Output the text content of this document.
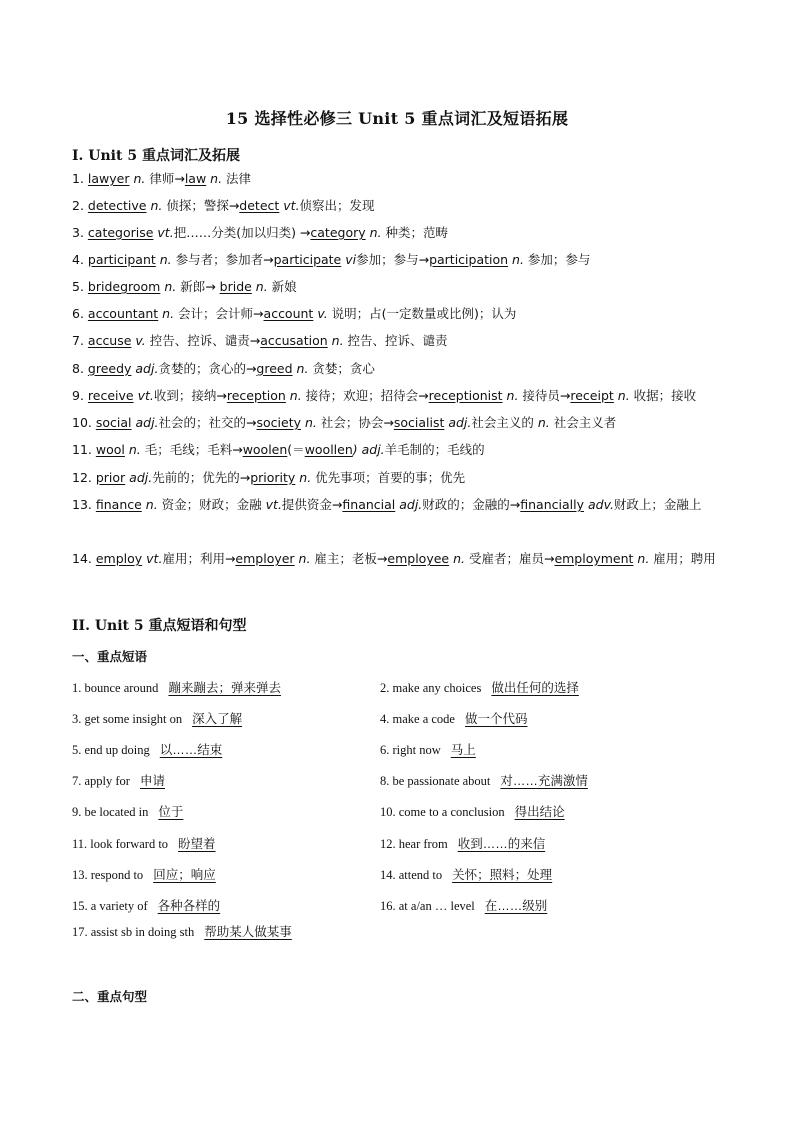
15 选择性必修三 Unit 5 重点词汇及短语拓展
I. Unit 5 重点词汇及拓展
1. lawyer n. 律师→law n. 法律
2. detective n. 侦探；警探→detect vt.侦察出；发现
3. categorise vt.把……分类(加以归类) →category n. 种类；范畴
4. participant n. 参与者；参加者→participate vi参加；参与→participation n. 参加；参与
5. bridegroom n. 新郎→ bride n. 新娘
6. accountant n. 会计；会计师→account v. 说明；占(一定数量或比例)；认为
7. accuse v. 控告、控诉、谴责→accusation n. 控告、控诉、谴责
8. greedy adj.贪婪的；贪心的→greed n. 贪婪；贪心
9. receive vt.收到；接纳→reception n. 接待；欢迎；招待会→receptionist n. 接待员→receipt n. 收据；接收
10. social adj.社会的；社交的→society n. 社会；协会→socialist adj.社会主义的 n. 社会主义者
11. wool n. 毛；毛线；毛料→woolen(＝woollen) adj.羊毛制的；毛线的
12. prior adj.先前的；优先的→priority n. 优先事项；首要的事；优先
13. finance n. 资金；财政；金融 vt.提供资金→financial adj.财政的；金融的→financially adv.财政上；金融上
14. employ vt.雇用；利用→employer n. 雇主；老板→employee n. 受雇者；雇员→employment n. 雇用；聘用
II. Unit 5 重点短语和句型
一、重点短语
1. bounce around 蹦来蹦去；弹来弹去	2. make any choices 做出任何的选择
3. get some insight on 深入了解	4. make a code 做一个代码
5. end up doing 以……结束	6. right now 马上
7. apply for 申请	8. be passionate about 对……充满激情
9. be located in 位于	10. come to a conclusion 得出结论
11. look forward to 盼望着	12. hear from 收到……的来信
13. respond to 回应；响应	14. attend to 关怀；照料；处理
15. a variety of 各种各样的	16. at a/an … level 在……级别
17. assist sb in doing sth 帮助某人做某事
二、重点句型
